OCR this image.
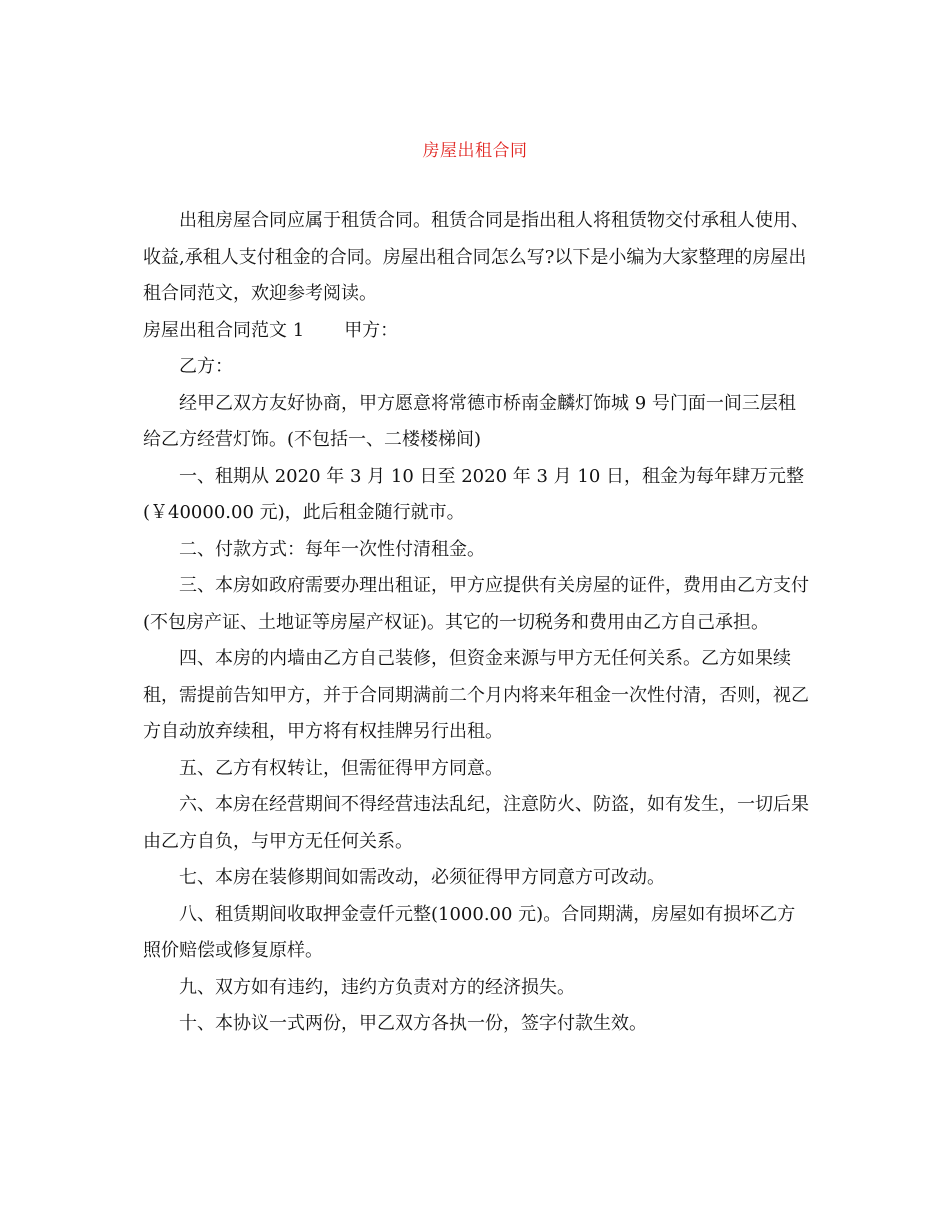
房屋出租合同

出租房屋合同应属于租赁合同。租赁合同是指出租人将租赁物交付承租人使用、收益,承租人支付租金的合同。房屋出租合同怎么写?以下是小编为大家整理的房屋出租合同范文，欢迎参考阅读。

房屋出租合同范文 1 甲方：

乙方：

经甲乙双方友好协商，甲方愿意将常德市桥南金麟灯饰城 9 号门面一间三层租给乙方经营灯饰。(不包括一、二楼楼梯间)

一、租期从 2020 年 3 月 10 日至 2020 年 3 月 10 日，租金为每年肆万元整(￥40000.00 元)，此后租金随行就市。

二、付款方式：每年一次性付清租金。

三、本房如政府需要办理出租证，甲方应提供有关房屋的证件，费用由乙方支付(不包房产证、土地证等房屋产权证)。其它的一切税务和费用由乙方自己承担。

四、本房的内墙由乙方自己装修，但资金来源与甲方无任何关系。乙方如果续租，需提前告知甲方，并于合同期满前二个月内将来年租金一次性付清，否则，视乙方自动放弃续租，甲方将有权挂牌另行出租。

五、乙方有权转让，但需征得甲方同意。

六、本房在经营期间不得经营违法乱纪，注意防火、防盗，如有发生，一切后果由乙方自负，与甲方无任何关系。

七、本房在装修期间如需改动，必须征得甲方同意方可改动。

八、租赁期间收取押金壹仟元整(1000.00 元)。合同期满，房屋如有损坏乙方照价赔偿或修复原样。

九、双方如有违约，违约方负责对方的经济损失。

十、本协议一式两份，甲乙双方各执一份，签字付款生效。
